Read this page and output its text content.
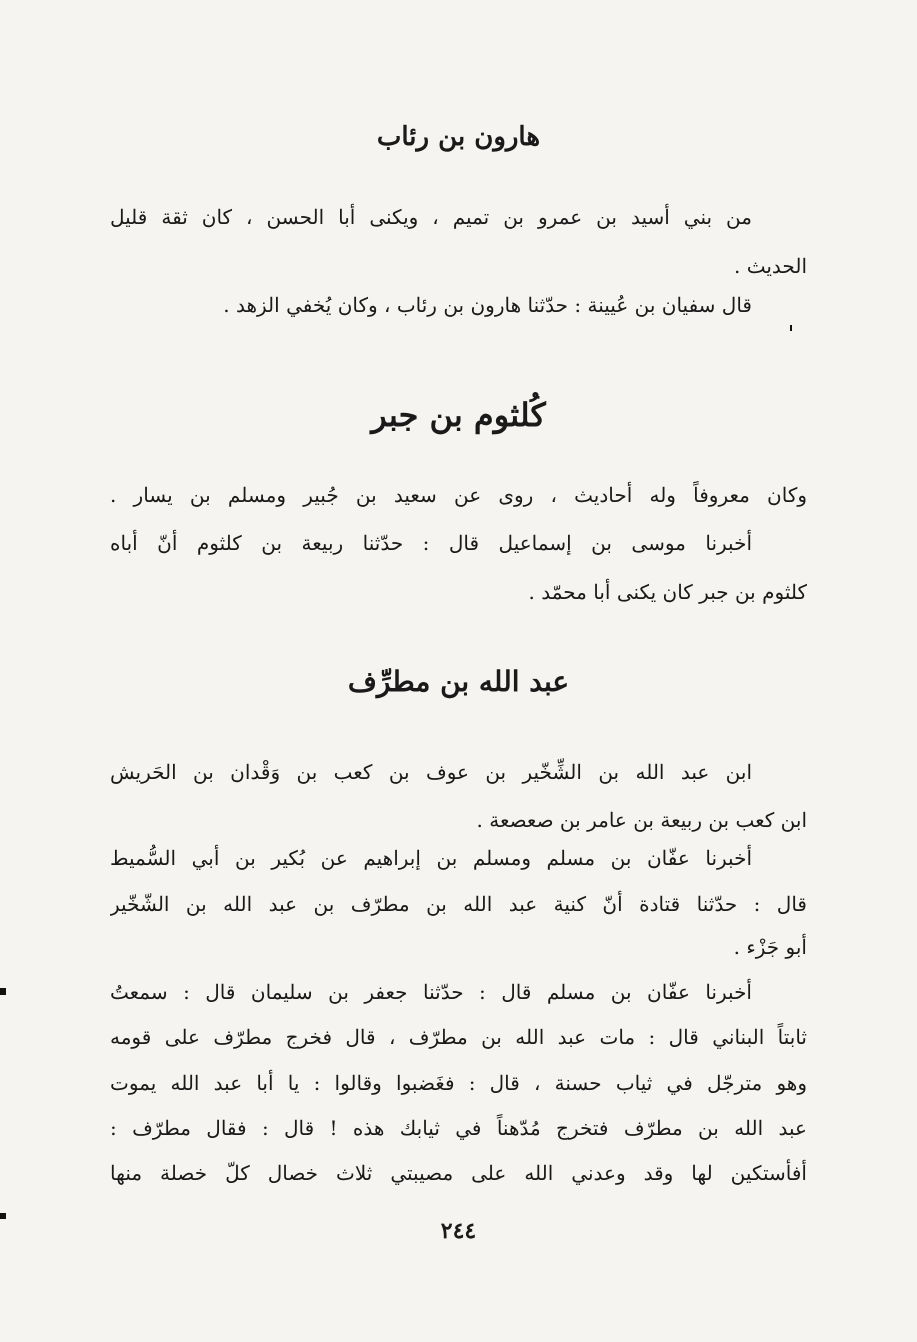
هارون بن رئاب
من بني أسيد بن عمرو بن تميم ، ويكنى أبا الحسن ، كان ثقة قليل
الحديث .
قال سفيان بن عُيينة : حدّثنا هارون بن رئاب ، وكان يُخفي الزهد .
كُلثوم بن جبر
وكان معروفاً وله أحاديث ، روى عن سعيد بن جُبير ومسلم بن يسار .
أخبرنا موسى بن إسماعيل قال : حدّثنا ربيعة بن كلثوم أنّ أباه
كلثوم بن جبر كان يكنى أبا محمّد .
عبد الله بن مطرِّف
ابن عبد الله بن الشِّخّير بن عوف بن كعب بن وَقْدان بن الحَريش
ابن كعب بن ربيعة بن عامر بن صعصعة .
أخبرنا عفّان بن مسلم ومسلم بن إبراهيم عن بُكير بن أبي السُّميط
قال : حدّثنا قتادة أنّ كنية عبد الله بن مطرّف بن عبد الله بن الشّخّير
أبو جَزْء .
أخبرنا عفّان بن مسلم قال : حدّثنا جعفر بن سليمان قال : سمعتُ
ثابتاً البناني قال : مات عبد الله بن مطرّف ، قال فخرج مطرّف على قومه
وهو مترجّل في ثياب حسنة ، قال : فغَضبوا وقالوا : يا أبا عبد الله يموت
عبد الله بن مطرّف فتخرج مُدّهناً في ثيابك هذه ! قال : فقال مطرّف :
أفأستكين لها وقد وعدني الله على مصيبتي ثلاث خصال كلّ خصلة منها
٢٤٤
